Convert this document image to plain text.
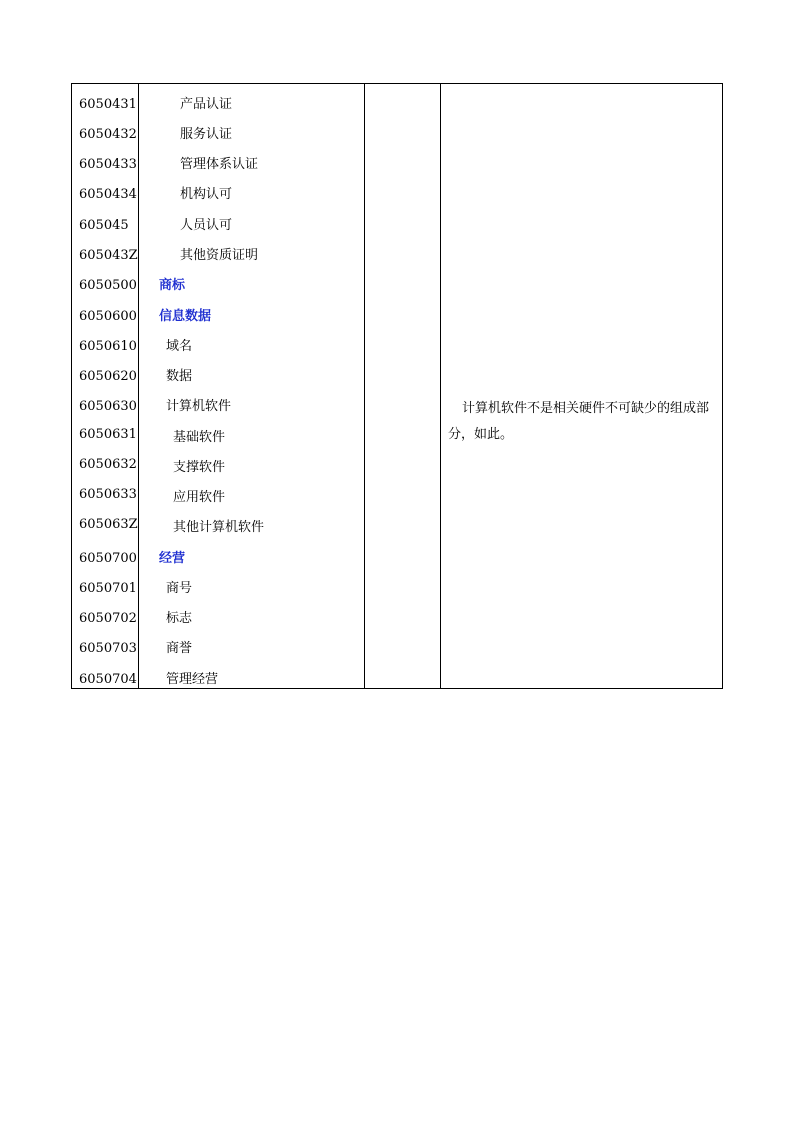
6050431	产品认证
6050432	服务认证
6050433	管理体系认证
6050434	机构认可
605045	人员认可
605043Z	其他资质证明
6050500 商标
6050600 信息数据
6050610 域名
6050620 数据
6050630 计算机软件
6050631	基础软件
6050632	支撑软件
6050633	应用软件
605063Z	其他计算机软件
6050700 经营
6050701 商号
6050702 标志
6050703 商誉
6050704 管理经营
计算机软件不是相关硬件不可缺少的组成部分，如此。
